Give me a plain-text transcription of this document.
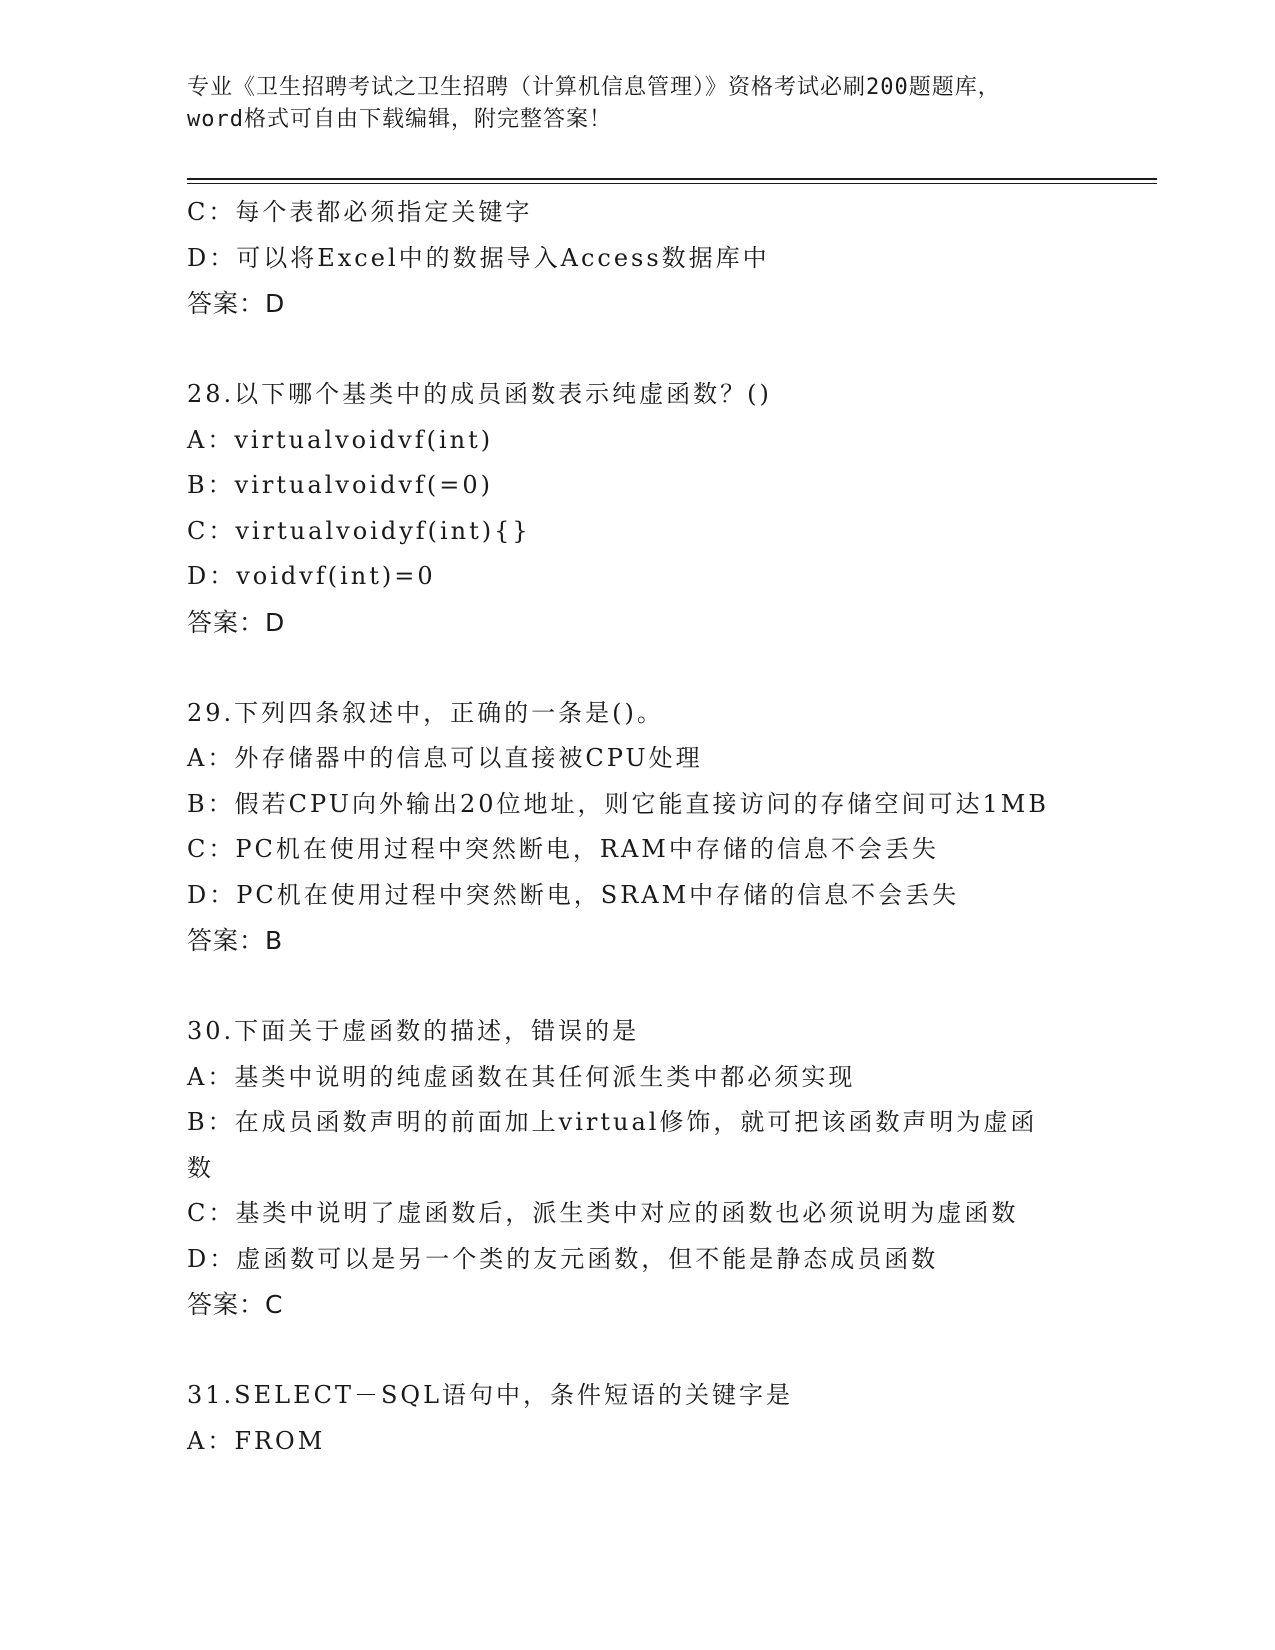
专业《卫生招聘考试之卫生招聘（计算机信息管理）》资格考试必刷200题题库，
word格式可自由下载编辑，附完整答案！
C：每个表都必须指定关键字
D：可以将Excel中的数据导入Access数据库中
答案：D
28.以下哪个基类中的成员函数表示纯虚函数？()
A：virtualvoidvf(int)
B：virtualvoidvf(=0)
C：virtualvoidyf(int){}
D：voidvf(int)=0
答案：D
29.下列四条叙述中，正确的一条是()。
A：外存储器中的信息可以直接被CPU处理
B：假若CPU向外输出20位地址，则它能直接访问的存储空间可达1MB
C：PC机在使用过程中突然断电，RAM中存储的信息不会丢失
D：PC机在使用过程中突然断电，SRAM中存储的信息不会丢失
答案：B
30.下面关于虚函数的描述，错误的是
A：基类中说明的纯虚函数在其任何派生类中都必须实现
B：在成员函数声明的前面加上virtual修饰，就可把该函数声明为虚函数
C：基类中说明了虚函数后，派生类中对应的函数也必须说明为虚函数
D：虚函数可以是另一个类的友元函数，但不能是静态成员函数
答案：C
31.SELECT－SQL语句中，条件短语的关键字是
A：FROM
